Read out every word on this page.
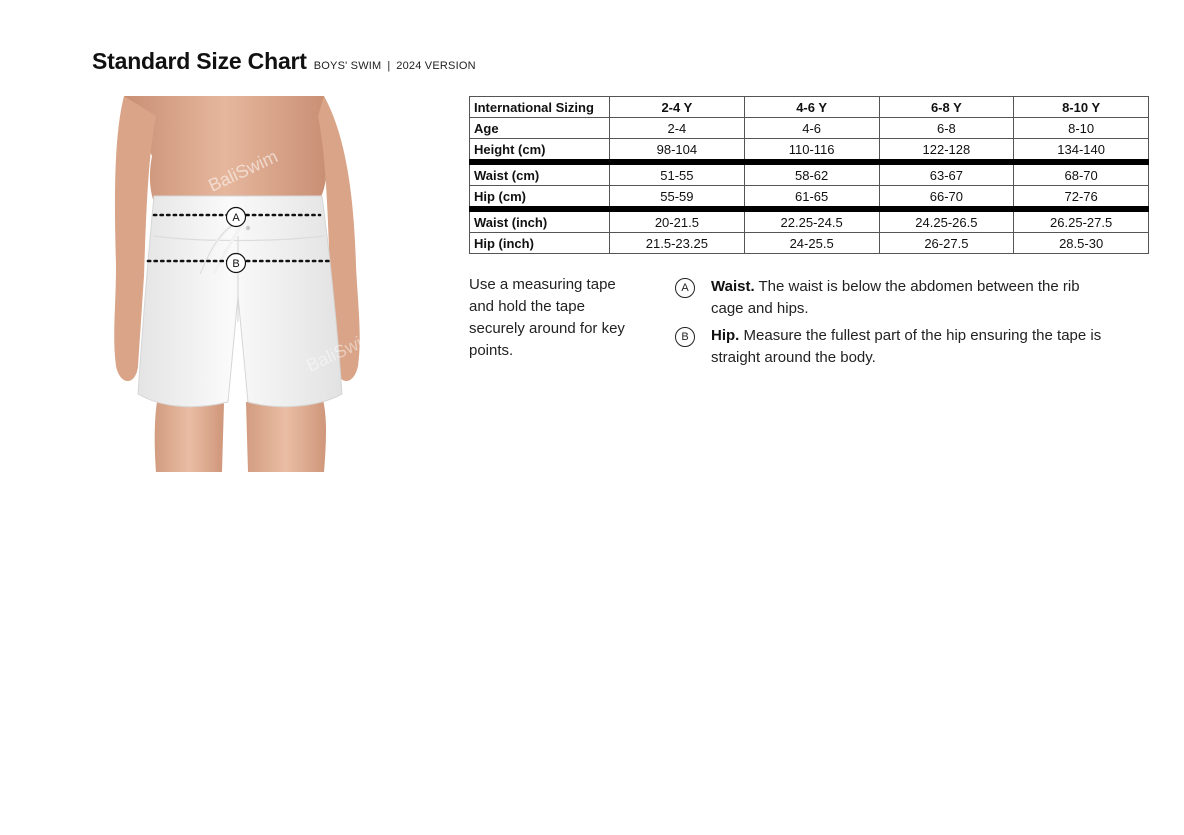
Standard Size Chart BOYS' SWIM | 2024 VERSION
BaliSwim
BaliSwim
A
B
International Sizing	2-4 Y	4-6 Y	6-8 Y	8-10 Y
Age	2-4	4-6	6-8	8-10
Height (cm)	98-104	110-116	122-128	134-140
Waist (cm)	51-55	58-62	63-67	68-70
Hip (cm)	55-59	61-65	66-70	72-76
Waist (inch)	20-21.5	22.25-24.5	24.25-26.5	26.25-27.5
Hip (inch)	21.5-23.25	24-25.5	26-27.5	28.5-30
Use a measuring tape and hold the tape securely around for key points.
A	Waist. The waist is below the abdomen between the rib cage and hips.
B	Hip. Measure the fullest part of the hip ensuring the tape is straight around the body.
